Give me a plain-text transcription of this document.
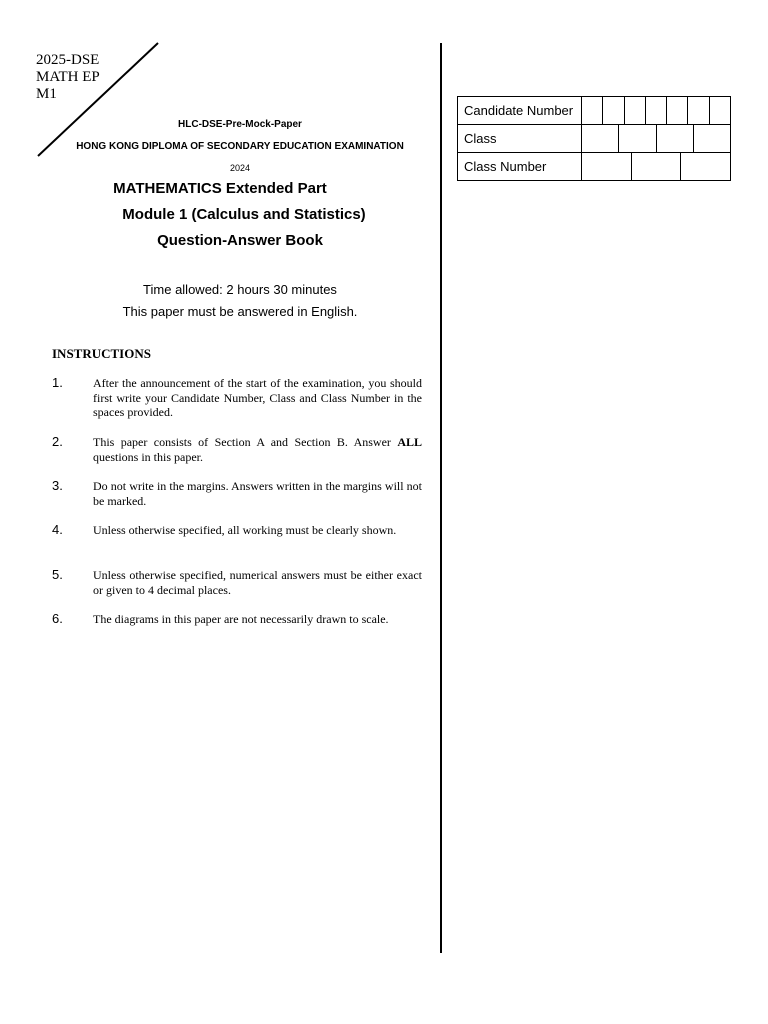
2025-DSE
MATH EP
M1
HLC-DSE-Pre-Mock-Paper
HONG KONG DIPLOMA OF SECONDARY EDUCATION EXAMINATION
2024
MATHEMATICS Extended Part
Module 1 (Calculus and Statistics)
Question-Answer Book
Time allowed: 2 hours 30 minutes
This paper must be answered in English.
INSTRUCTIONS
1.	After the announcement of the start of the examination, you should first write your Candidate Number, Class and Class Number in the spaces provided.
2.	This paper consists of Section A and Section B. Answer ALL questions in this paper.
3.	Do not write in the margins. Answers written in the margins will not be marked.
4.	Unless otherwise specified, all working must be clearly shown.
5.	Unless otherwise specified, numerical answers must be either exact or given to 4 decimal places.
6.	The diagrams in this paper are not necessarily drawn to scale.
Candidate Number	

Class	

Class Number	
